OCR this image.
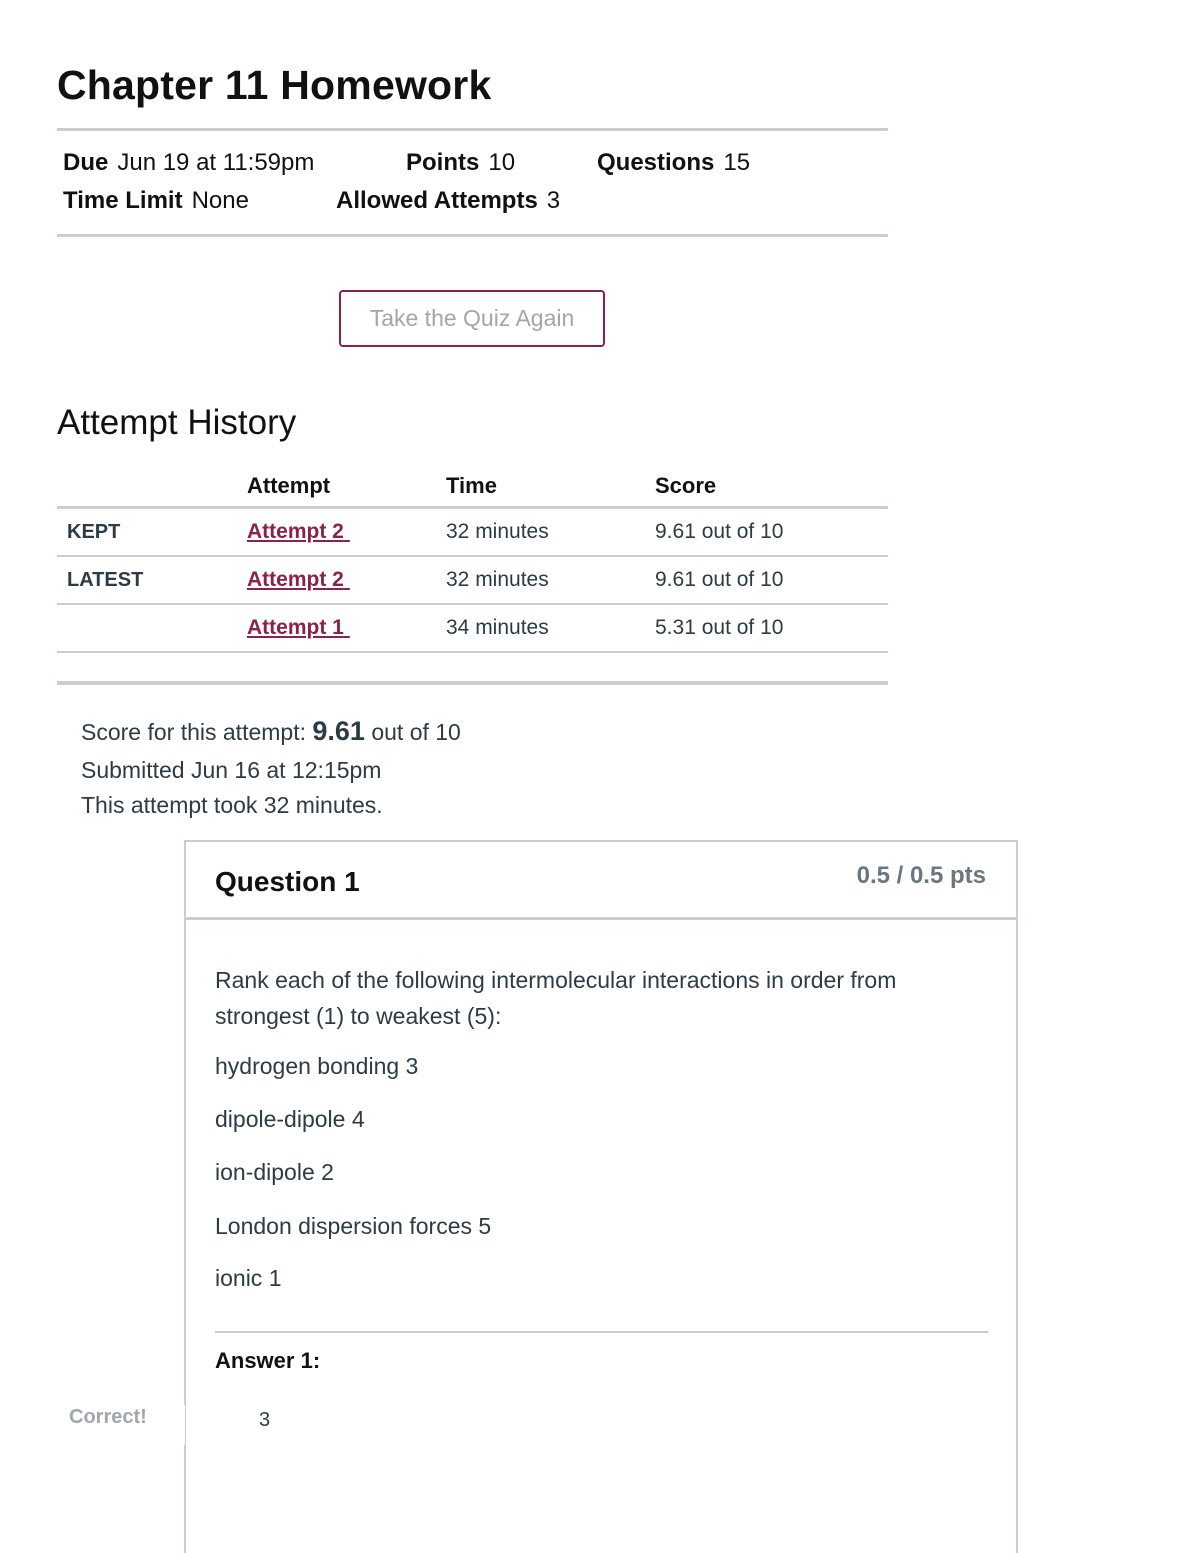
Chapter 11 Homework
Due Jun 19 at 11:59pm	Points 10	Questions 15
Time Limit None	Allowed Attempts 3
Take the Quiz Again
Attempt History
	Attempt	Time	Score
KEPT	Attempt 2	32 minutes	9.61 out of 10
LATEST	Attempt 2	32 minutes	9.61 out of 10
	Attempt 1	34 minutes	5.31 out of 10

Score for this attempt: 9.61 out of 10
Submitted Jun 16 at 12:15pm
This attempt took 32 minutes.
Question 1	0.5 / 0.5 pts

Rank each of the following intermolecular interactions in order from

strongest (1) to weakest (5):

hydrogen bonding 3
dipole-dipole 4
ion-dipole 2
London dispersion forces 5
ionic 1
Answer 1:
Correct!	3
